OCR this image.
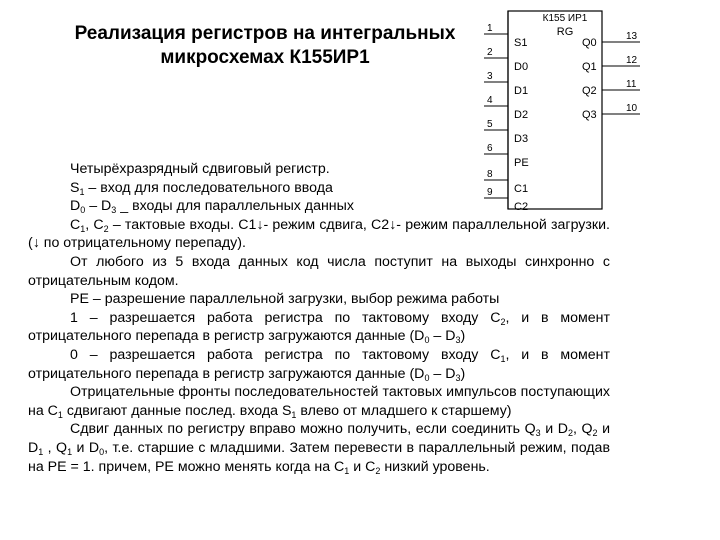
Реализация регистров на интегральных
микросхемах К155ИР1
К155 ИР1
RG
1
S1
2
D0
3
D1
4
D2
5
D3
6
PE
8
C1
9
C2
13
Q0
12
Q1
11
Q2
10
Q3

Четырёхразрядный сдвиговый регистр.

$S_1$ – вход для последовательного ввода

$D_0 - D_3$ _ входы для параллельных данных

$C_1$, $C_2$ – тактовые входы. C1↓- режим сдвига, C2↓- режим параллельной загрузки. (↓ по отрицательному перепаду).

От любого из 5 входа данных код числа поступит на выходы синхронно с отрицательным кодом.

PE – разрешение параллельной загрузки, выбор режима работы

1 – разрешается работа регистра по тактовому входу $C_2$, и в момент отрицательного перепада в регистр загружаются данные $(D_0 - D_3)$

0 – разрешается работа регистра по тактовому входу $C_1$, и в момент отрицательного перепада в регистр загружаются данные $(D_0 - D_3)$

Отрицательные фронты последовательностей тактовых импульсов поступающих на $C_1$ сдвигают данные послед. входа $S_1$ влево от младшего к старшему)

Сдвиг данных по регистру вправо можно получить, если соединить $Q_3$ и $D_2$, $Q_2$ и $D_1$ , $Q_1$ и $D_0$, т.е. старшие с младшими. Затем перевести в параллельный режим, подав на PE = 1. причем, PE можно менять когда на $C_1$ и $C_2$ низкий уровень.
